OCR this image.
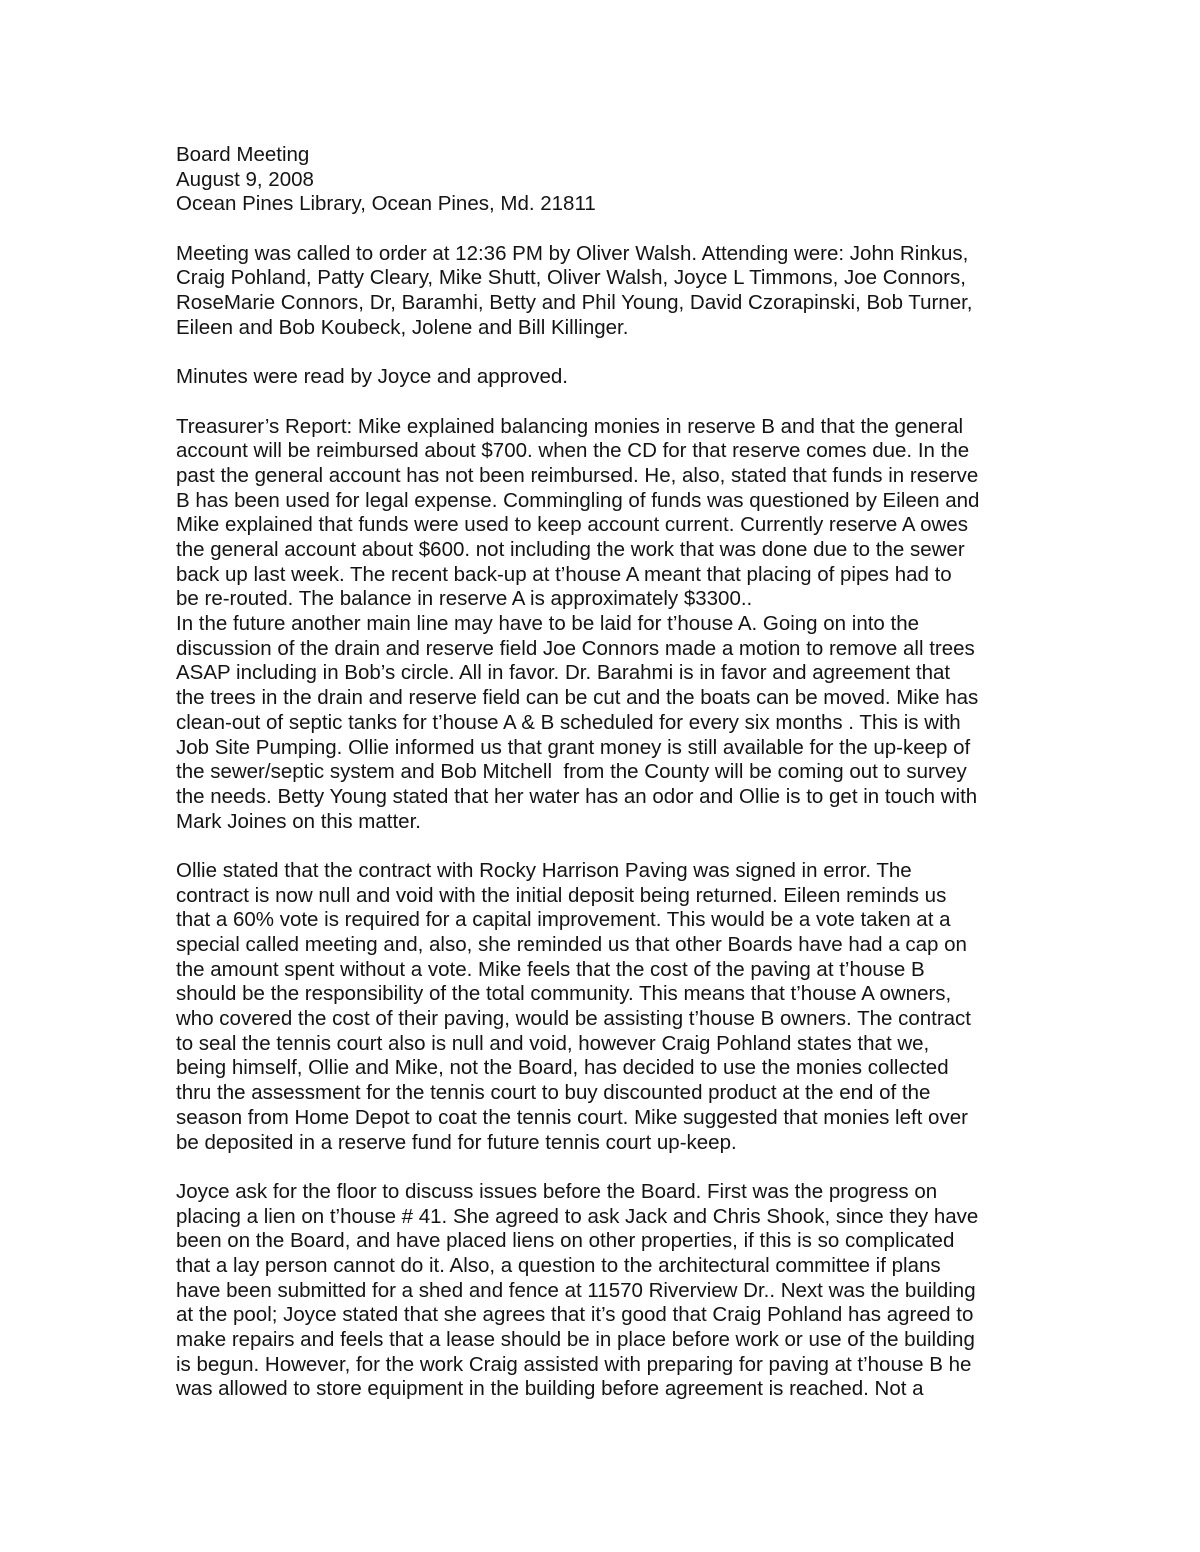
Board Meeting
August 9, 2008
Ocean Pines Library, Ocean Pines, Md. 21811
Meeting was called to order at 12:36 PM by Oliver Walsh. Attending were: John Rinkus,
Craig Pohland, Patty Cleary, Mike Shutt, Oliver Walsh, Joyce L Timmons, Joe Connors,
RoseMarie Connors, Dr, Baramhi, Betty and Phil Young, David Czorapinski, Bob Turner,
Eileen and Bob Koubeck, Jolene and Bill Killinger.
Minutes were read by Joyce and approved.
Treasurer’s Report: Mike explained balancing monies in reserve B and that the general
account will be reimbursed about $700. when the CD for that reserve comes due. In the
past the general account has not been reimbursed. He, also, stated that funds in reserve
B has been used for legal expense. Commingling of funds was questioned by Eileen and
Mike explained that funds were used to keep account current. Currently reserve A owes
the general account about $600. not including the work that was done due to the sewer
back up last week. The recent back-up at t’house A meant that placing of pipes had to
be re-routed. The balance in reserve A is approximately $3300..
In the future another main line may have to be laid for t’house A. Going on into the
discussion of the drain and reserve field Joe Connors made a motion to remove all trees
ASAP including in Bob’s circle. All in favor. Dr. Barahmi is in favor and agreement that
the trees in the drain and reserve field can be cut and the boats can be moved. Mike has
clean-out of septic tanks for t’house A & B scheduled for every six months . This is with
Job Site Pumping. Ollie informed us that grant money is still available for the up-keep of
the sewer/septic system and Bob Mitchell  from the County will be coming out to survey
the needs. Betty Young stated that her water has an odor and Ollie is to get in touch with
Mark Joines on this matter.
Ollie stated that the contract with Rocky Harrison Paving was signed in error. The
contract is now null and void with the initial deposit being returned. Eileen reminds us
that a 60% vote is required for a capital improvement. This would be a vote taken at a
special called meeting and, also, she reminded us that other Boards have had a cap on
the amount spent without a vote. Mike feels that the cost of the paving at t’house B
should be the responsibility of the total community. This means that t’house A owners,
who covered the cost of their paving, would be assisting t’house B owners. The contract
to seal the tennis court also is null and void, however Craig Pohland states that we,
being himself, Ollie and Mike, not the Board, has decided to use the monies collected
thru the assessment for the tennis court to buy discounted product at the end of the
season from Home Depot to coat the tennis court. Mike suggested that monies left over
be deposited in a reserve fund for future tennis court up-keep.
Joyce ask for the floor to discuss issues before the Board. First was the progress on
placing a lien on t’house # 41. She agreed to ask Jack and Chris Shook, since they have
been on the Board, and have placed liens on other properties, if this is so complicated
that a lay person cannot do it. Also, a question to the architectural committee if plans
have been submitted for a shed and fence at 11570 Riverview Dr.. Next was the building
at the pool; Joyce stated that she agrees that it’s good that Craig Pohland has agreed to
make repairs and feels that a lease should be in place before work or use of the building
is begun. However, for the work Craig assisted with preparing for paving at t’house B he
was allowed to store equipment in the building before agreement is reached. Not a
